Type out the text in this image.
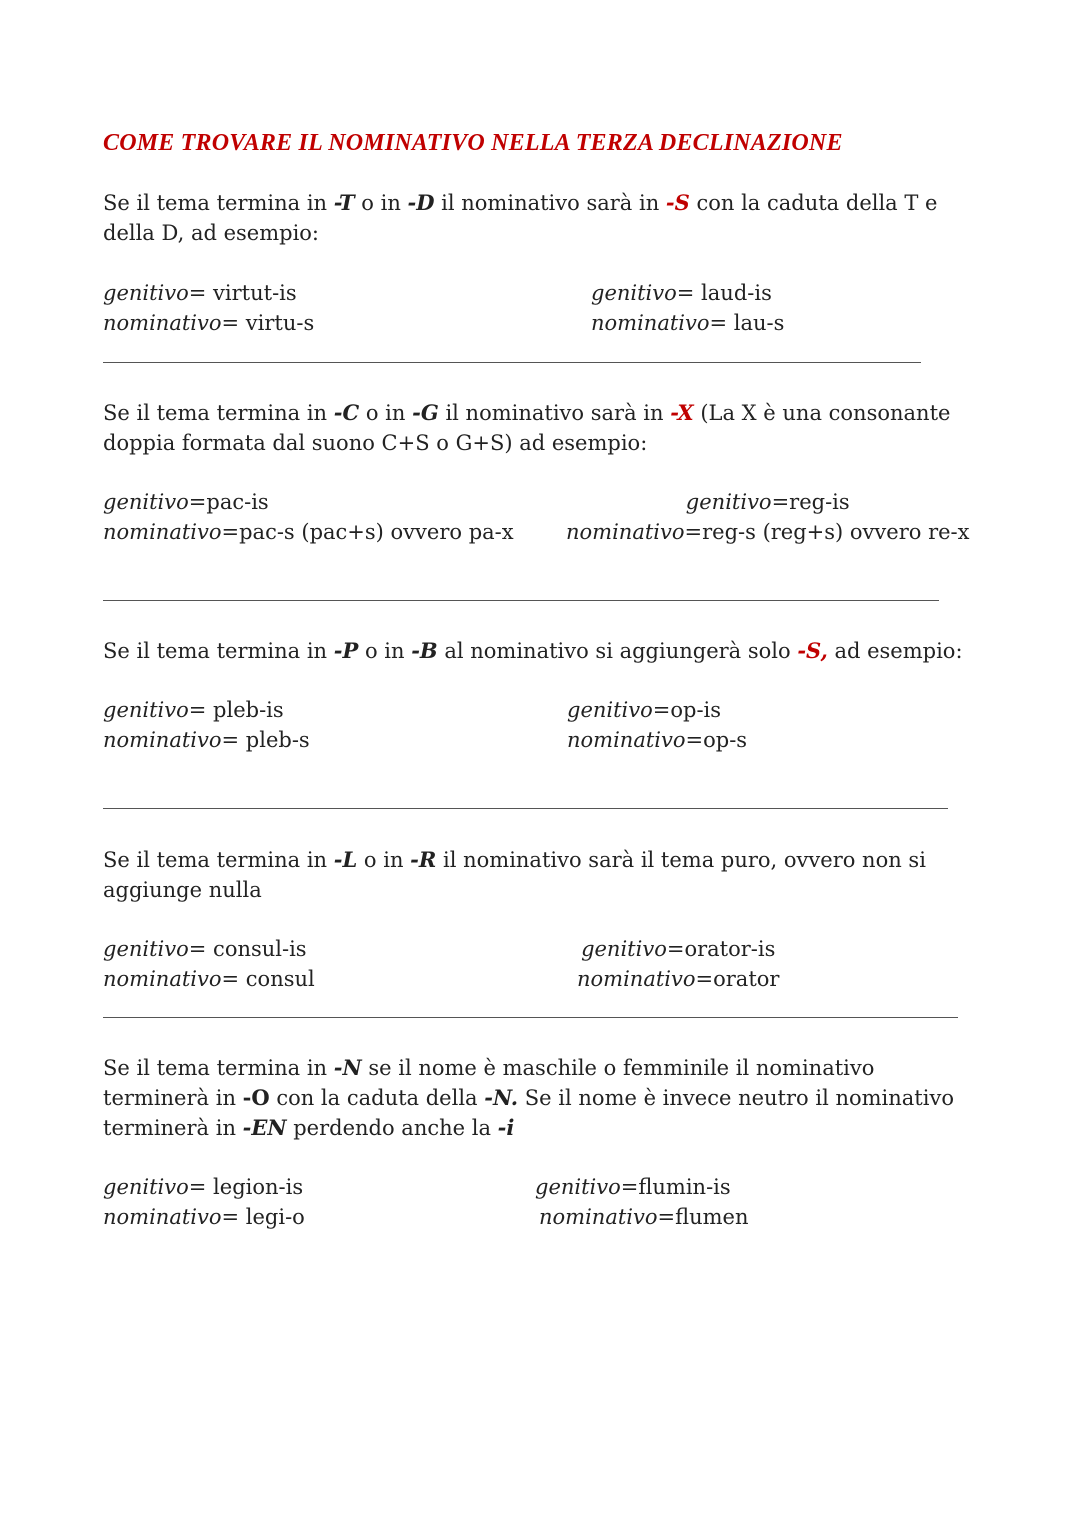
COME TROVARE IL NOMINATIVO NELLA TERZA DECLINAZIONE
Se il tema termina in -T o in -D il nominativo sarà in -S con la caduta della T e della D, ad esempio:
genitivo= virtut-is
nominativo= virtu-s
genitivo= laud-is
nominativo= lau-s
Se il tema termina in -C o in -G il nominativo sarà in -X (La X è una consonante doppia formata dal suono C+S o G+S) ad esempio:
genitivo=pac-is
nominativo=pac-s (pac+s) ovvero pa-x
genitivo=reg-is
nominativo=reg-s (reg+s) ovvero re-x
Se il tema termina in -P o in -B al nominativo si aggiungerà solo -S, ad esempio:
genitivo= pleb-is
nominativo= pleb-s
genitivo=op-is
nominativo=op-s
Se il tema termina in -L o in -R il nominativo sarà il tema puro, ovvero non si aggiunge nulla
genitivo= consul-is
nominativo= consul
genitivo=orator-is
nominativo=orator
Se il tema termina in -N se il nome è maschile o femminile il nominativo terminerà in -O con la caduta della -N. Se il nome è invece neutro il nominativo terminerà in -EN perdendo anche la -i
genitivo= legion-is
nominativo= legi-o
genitivo=flumin-is
nominativo=flumen
